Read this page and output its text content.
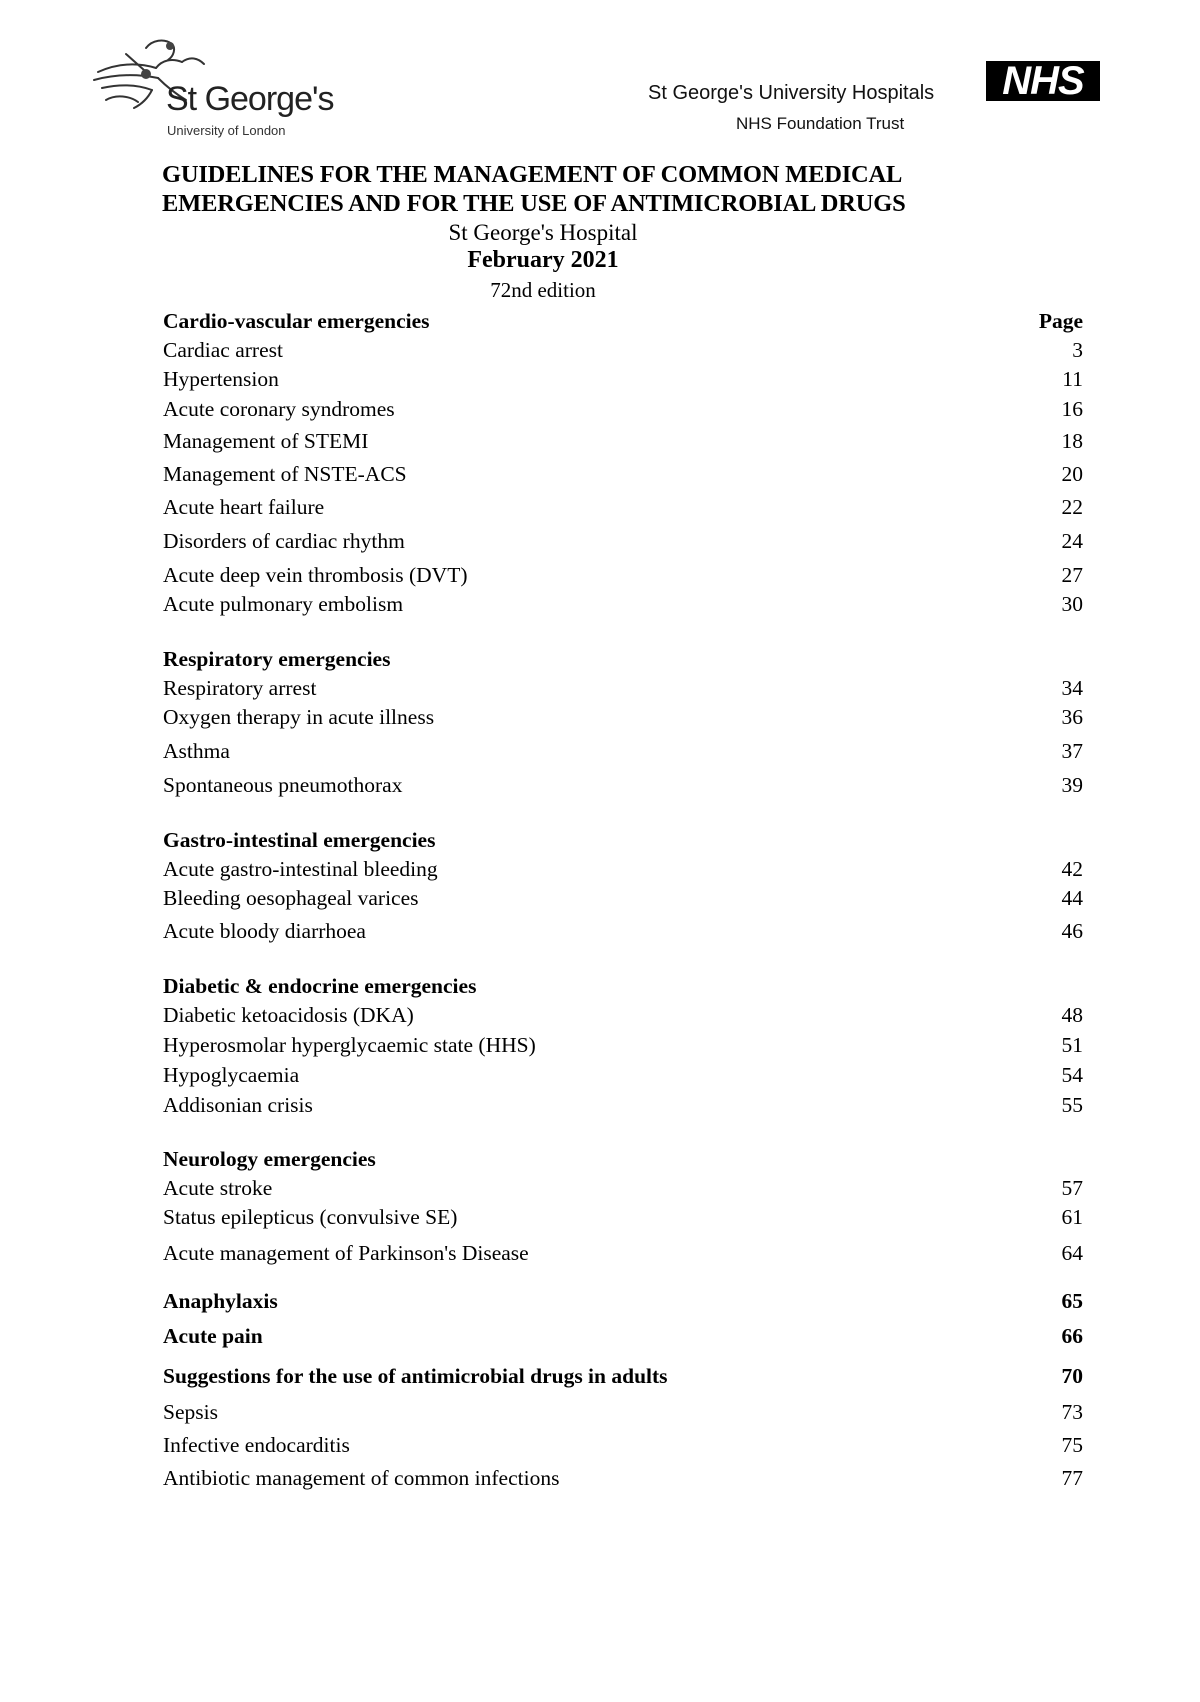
St George's
University of London
St George's University Hospitals
NHS Foundation Trust
NHS
GUIDELINES FOR THE MANAGEMENT OF COMMON MEDICAL
EMERGENCIES AND FOR THE USE OF ANTIMICROBIAL DRUGS
St George's Hospital
February 2021
72nd edition
Cardio-vascular emergencies	Page
Cardiac arrest	3
Hypertension	11
Acute coronary syndromes	16
Management of STEMI	18
Management of NSTE-ACS	20
Acute heart failure	22
Disorders of cardiac rhythm	24
Acute deep vein thrombosis (DVT)	27
Acute pulmonary embolism	30
Respiratory emergencies
Respiratory arrest	34
Oxygen therapy in acute illness	36
Asthma	37
Spontaneous pneumothorax	39
Gastro-intestinal emergencies
Acute gastro-intestinal bleeding	42
Bleeding oesophageal varices	44
Acute bloody diarrhoea	46
Diabetic & endocrine emergencies
Diabetic ketoacidosis (DKA)	48
Hyperosmolar hyperglycaemic state (HHS)	51
Hypoglycaemia	54
Addisonian crisis	55
Neurology emergencies
Acute stroke	57
Status epilepticus (convulsive SE)	61
Acute management of Parkinson's Disease	64
Anaphylaxis	65
Acute pain	66
Suggestions for the use of antimicrobial drugs in adults	70
Sepsis	73
Infective endocarditis	75
Antibiotic management of common infections	77
